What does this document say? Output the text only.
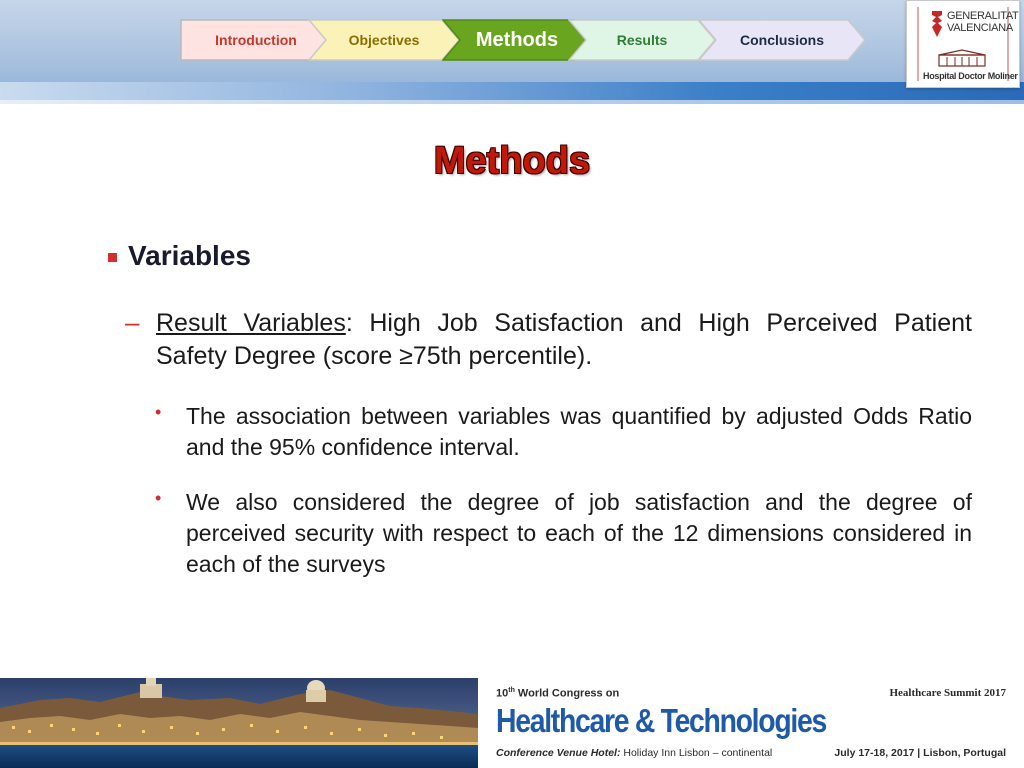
Introduction	Objectives	Methods	Results	Conclusions
GENERALITAT
VALENCIANA
Hospital Doctor Moliner
Methods
Variables
– Result Variables: High Job Satisfaction and High Perceived Patient Safety Degree (score ≥75th percentile).
• The association between variables was quantified by adjusted Odds Ratio and the 95% confidence interval.
• We also considered the degree of job satisfaction and the degree of perceived security with respect to each of the 12 dimensions considered in each of the surveys
10th World Congress on
Healthcare & Technologies
Conference Venue Hotel: Holiday Inn Lisbon – continental
Healthcare Summit 2017
July 17-18, 2017 | Lisbon, Portugal
